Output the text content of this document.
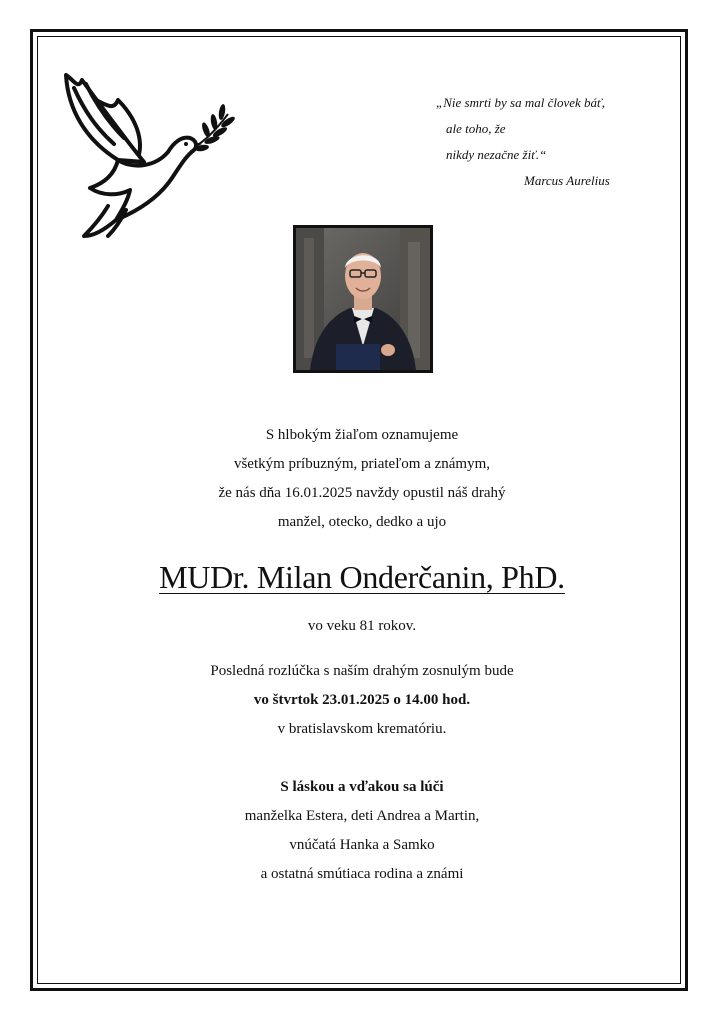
„Nie smrti by sa mal človek báť,
ale toho, že
nikdy nezačne žiť.“
Marcus Aurelius
S hlbokým žiaľom oznamujeme
všetkým príbuzným, priateľom a známym,
že nás dňa 16.01.2025 navždy opustil náš drahý
manžel, otecko, dedko a ujo
MUDr. Milan Onderčanin, PhD.
vo veku 81 rokov.
Posledná rozlúčka s naším drahým zosnulým bude
vo štvrtok 23.01.2025 o 14.00 hod.
v bratislavskom krematóriu.
S láskou a vďakou sa lúči
manželka Estera, deti Andrea a Martin,
vnúčatá Hanka a Samko
a ostatná smútiaca rodina a známi
